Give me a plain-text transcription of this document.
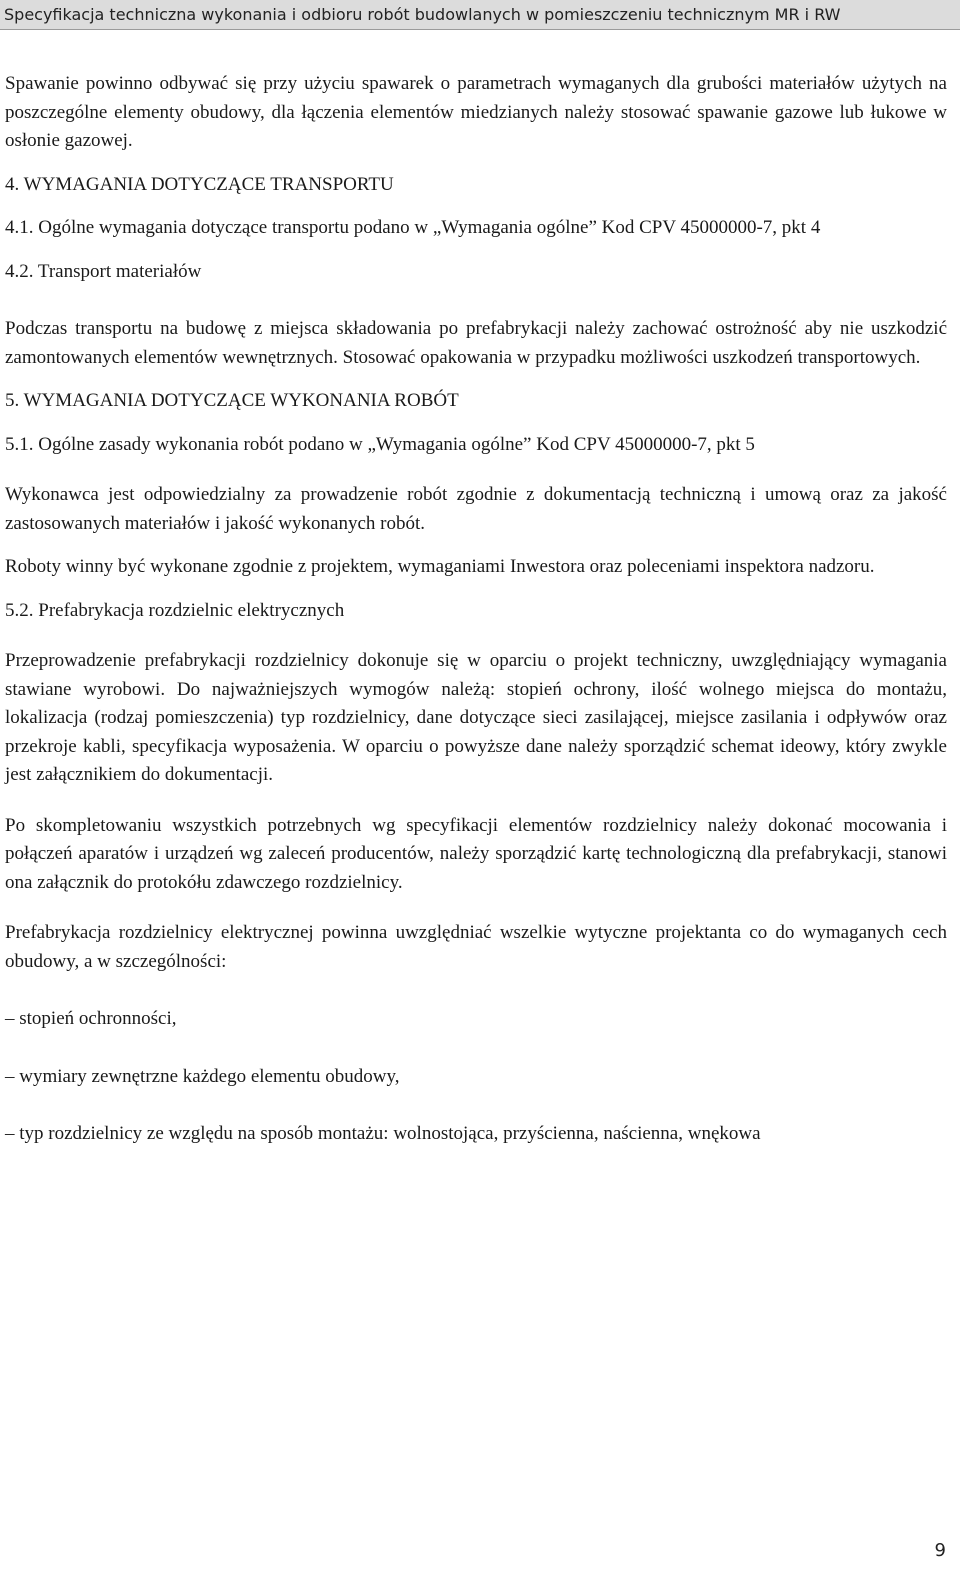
Specyfikacja techniczna wykonania i odbioru robót budowlanych w pomieszczeniu technicznym MR i RW

Spawanie powinno odbywać się przy użyciu spawarek o parametrach wymaganych dla grubości materiałów użytych na poszczególne elementy obudowy, dla łączenia elementów miedzianych należy stosować spawanie gazowe lub łukowe w osłonie gazowej.

4. WYMAGANIA DOTYCZĄCE TRANSPORTU

4.1. Ogólne wymagania dotyczące transportu podano w „Wymagania ogólne” Kod CPV 45000000-7, pkt 4

4.2. Transport materiałów

Podczas transportu na budowę z miejsca składowania po prefabrykacji należy zachować ostrożność aby nie uszkodzić zamontowanych elementów wewnętrznych. Stosować opakowania w przypadku możliwości uszkodzeń transportowych.

5. WYMAGANIA DOTYCZĄCE WYKONANIA ROBÓT

5.1. Ogólne zasady wykonania robót podano w „Wymagania ogólne” Kod CPV 45000000-7, pkt 5

Wykonawca jest odpowiedzialny za prowadzenie robót zgodnie z dokumentacją techniczną i umową oraz za jakość zastosowanych materiałów i jakość wykonanych robót.

Roboty winny być wykonane zgodnie z projektem, wymaganiami Inwestora oraz poleceniami inspektora nadzoru.

5.2. Prefabrykacja rozdzielnic elektrycznych

Przeprowadzenie prefabrykacji rozdzielnicy dokonuje się w oparciu o projekt techniczny, uwzględniający wymagania stawiane wyrobowi. Do najważniejszych wymogów należą: stopień ochrony, ilość wolnego miejsca do montażu, lokalizacja (rodzaj pomieszczenia) typ rozdzielnicy, dane dotyczące sieci zasilającej, miejsce zasilania i odpływów oraz przekroje kabli, specyfikacja wyposażenia. W oparciu o powyższe dane należy sporządzić schemat ideowy, który zwykle jest załącznikiem do dokumentacji.

Po skompletowaniu wszystkich potrzebnych wg specyfikacji elementów rozdzielnicy należy dokonać mocowania i połączeń aparatów i urządzeń wg zaleceń producentów, należy sporządzić kartę technologiczną dla prefabrykacji, stanowi ona załącznik do protokółu zdawczego rozdzielnicy.

Prefabrykacja rozdzielnicy elektrycznej powinna uwzględniać wszelkie wytyczne projektanta co do wymaganych cech obudowy, a w szczególności:

– stopień ochronności,

– wymiary zewnętrzne każdego elementu obudowy,

– typ rozdzielnicy ze względu na sposób montażu: wolnostojąca, przyścienna, naścienna, wnękowa

9
